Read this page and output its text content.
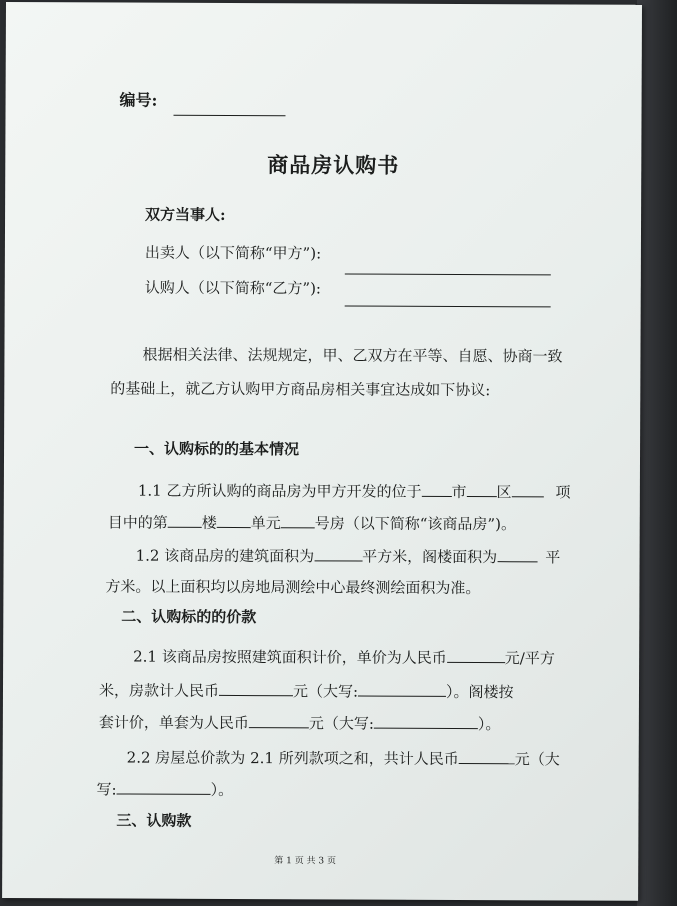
编号:
商品房认购书
双方当事人:
出卖人（以下简称“甲方”):
认购人（以下简称“乙方”):
根据相关法律、法规规定，甲、乙双方在平等、自愿、协商一致
的基础上，就乙方认购甲方商品房相关事宜达成如下协议:
一、认购标的的基本情况
1.1 乙方所认购的商品房为甲方开发的位于 市 区	项
目中的第 楼 单元 号房（以下简称“该商品房”)。
1.2 该商品房的建筑面积为	平方米，阁楼面积为	平
方米。以上面积均以房地局测绘中心最终测绘面积为准。
二、认购标的的价款
2.1 该商品房按照建筑面积计价，单价为人民币	元/平方
米，房款计人民币	元（大写:	）。阁楼按
套计价，单套为人民币	元（大写:	）。
2.2 房屋总价款为 2.1 所列款项之和，共计人民币	元（大
写:	）。
三、认购款
第 1 页 共 3 页
